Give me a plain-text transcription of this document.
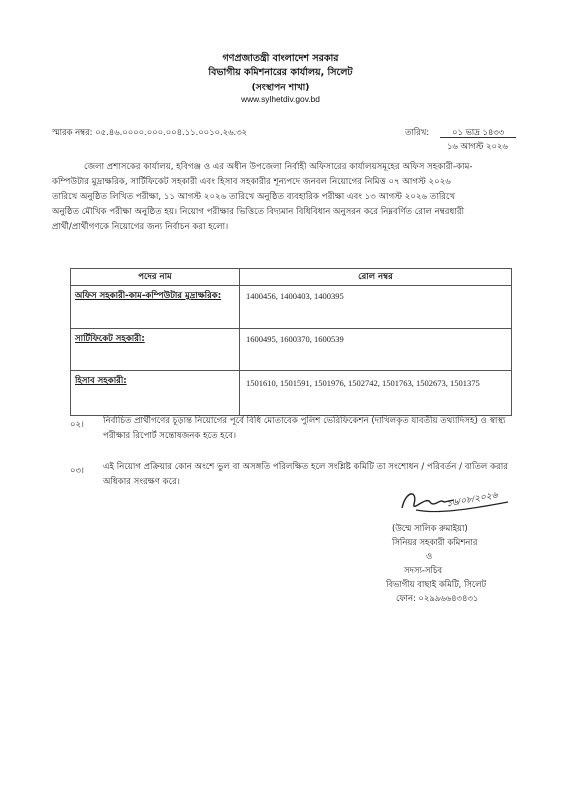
গণপ্রজাতন্ত্রী বাংলাদেশ সরকার
বিভাগীয় কমিশনারের কার্যালয়, সিলেট
(সংস্থাপন শাখা)
www.sylhetdiv.gov.bd
স্মারক নম্বর: ০৫.৪৬.০০০০.০০০.০০৪.১১.০০১০.২৬.৩২	তারিখ:	০১ ভাদ্র ১৪৩৩
১৬ আগস্ট ২০২৬
জেলা প্রশাসকের কার্যালয়, হবিগঞ্জ ও এর অধীন উপজেলা নির্বাহী অফিসারের কার্যালয়সমূহের অফিস সহকারী-কাম-
কম্পিউটার মুদ্রাক্ষরিক, সার্টিফিকেট সহকারী এবং হিসাব সহকারীর শূন্যপদে জনবল নিয়োগের নিমিত্ত ০৭ আগস্ট ২০২৬
তারিখে অনুষ্ঠিত লিখিত পরীক্ষা, ১১ আগস্ট ২০২৬ তারিখে অনুষ্ঠিত ব্যবহারিক পরীক্ষা এবং ১৩ আগস্ট ২০২৬ তারিখে
অনুষ্ঠিত মৌখিক পরীক্ষা অনুষ্ঠিত হয়। নিয়োগ পরীক্ষার ভিত্তিতে বিদ্যমান বিধিবিধান অনুসরন করে নিম্নবর্ণিত রোল নম্বরধারী
প্রার্থী/প্রার্থীগণকে নিয়োগের জন্য নির্বাচন করা হলো।
পদের নাম	রোল নম্বর
অফিস সহকারী-কাম-কম্পিউটার মুদ্রাক্ষরিক:	1400456, 1400403, 1400395
সার্টিফিকেট সহকারী:	1600495, 1600370, 1600539
হিসাব সহকারী:	1501610, 1501591, 1501976, 1502742, 1501763, 1502673, 1501375
০২। নির্বাচিত প্রার্থীগণের চূড়ান্ত নিয়োগের পূর্বে বিধি মোতাবেক পুলিশ ভেরিফিকেশন (দাখিলকৃত যাবতীয় তথ্যাদিসহ) ও স্বাস্থ্য পরীক্ষার রিপোর্ট সন্তোষজনক হতে হবে।
০৩। এই নিয়োগ প্রক্রিয়ার কোন অংশে ভুল বা অসঙ্গতি পরিলক্ষিত হলে সংশ্লিষ্ট কমিটি তা সংশোধন / পরিবর্তন / বাতিল করার অধিকার সংরক্ষণ করে।
১৬/০৮/২০২৬
(উম্মে সালিক রুমাইয়া)
সিনিয়র সহকারী কমিশনার
ও
সদস্য-সচিব
বিভাগীয় বাছাই কমিটি, সিলেট
ফোন: ০২৯৯৬৬৪৩৪৩১
